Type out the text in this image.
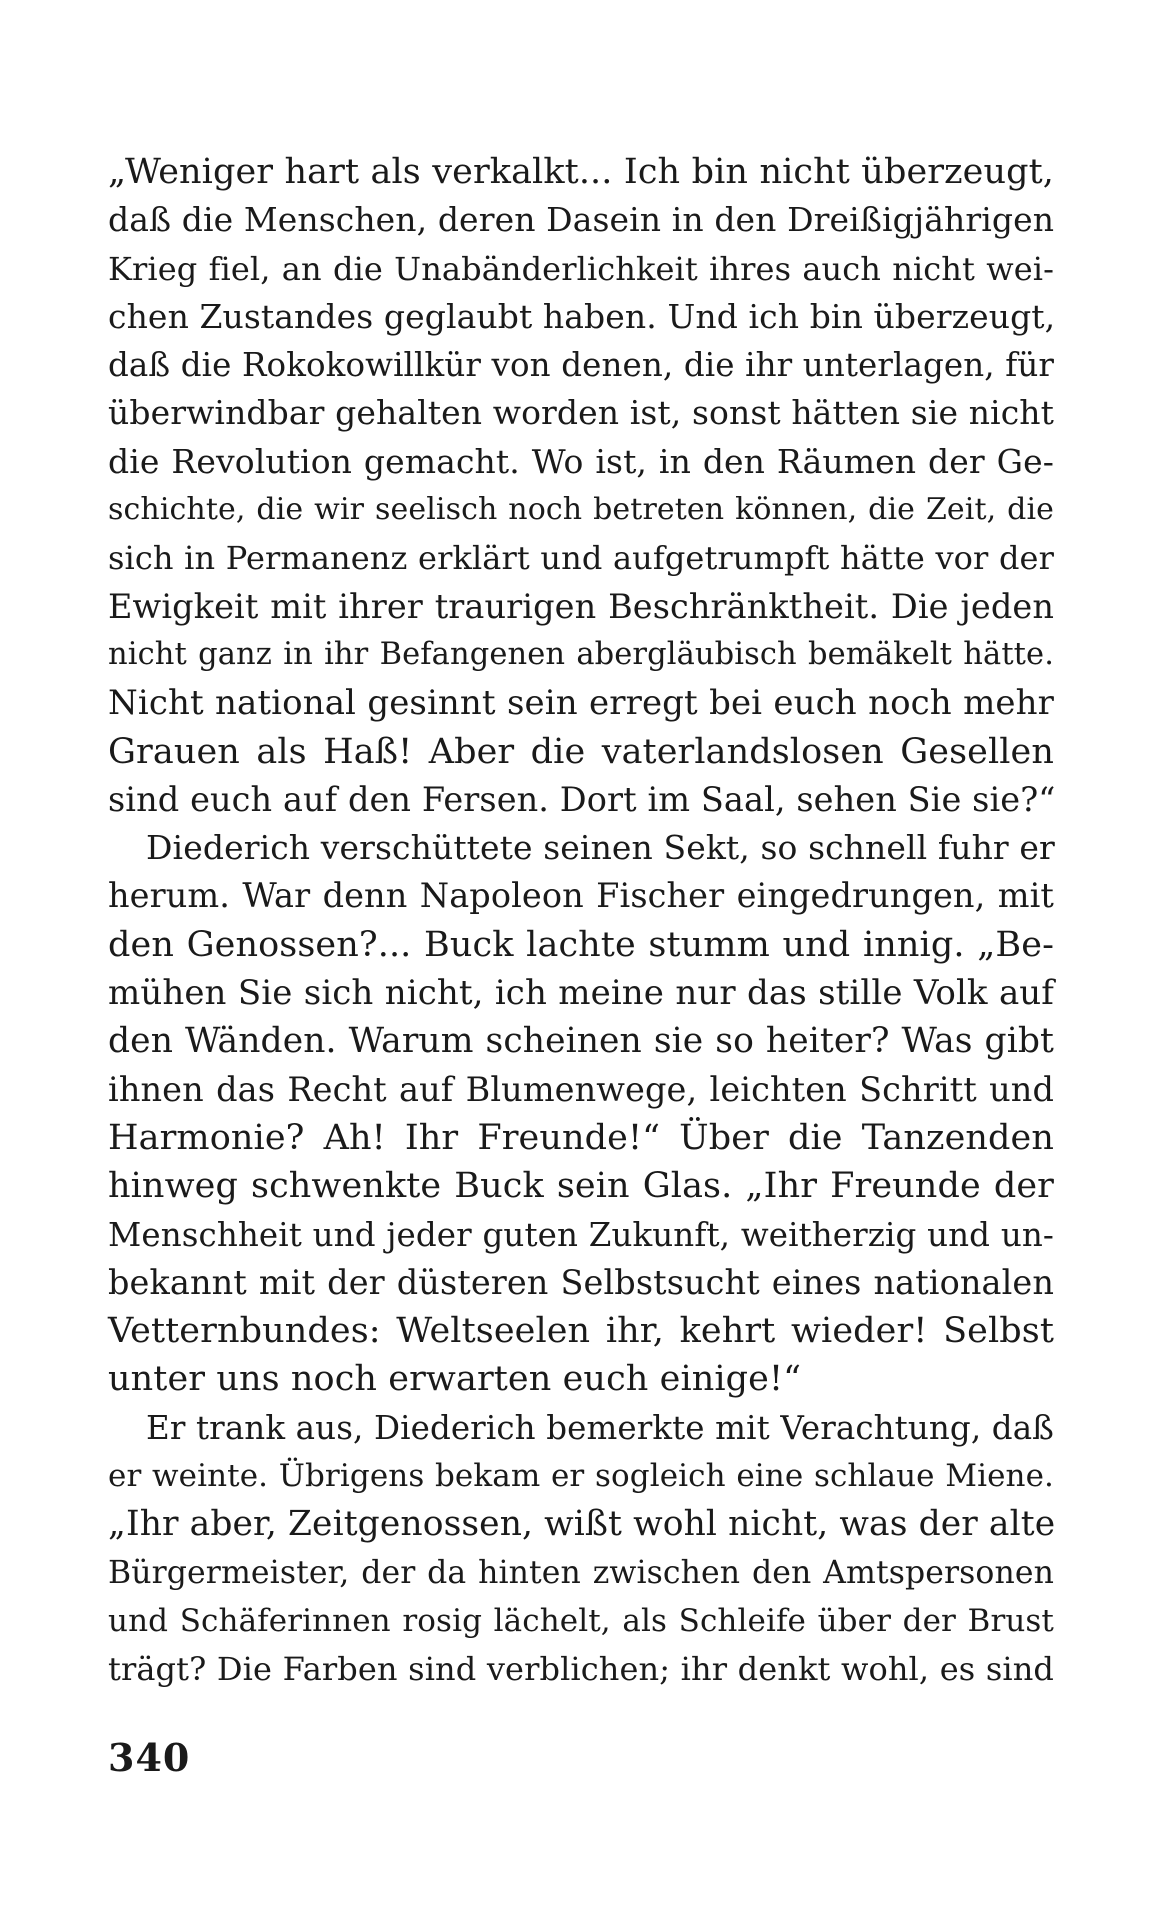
„Weniger hart als verkalkt... Ich bin nicht überzeugt,
daß die Menschen, deren Dasein in den Dreißigjährigen
Krieg fiel, an die Unabänderlichkeit ihres auch nicht wei-
chen Zustandes geglaubt haben. Und ich bin überzeugt,
daß die Rokokowillkür von denen, die ihr unterlagen, für
überwindbar gehalten worden ist, sonst hätten sie nicht
die Revolution gemacht. Wo ist, in den Räumen der Ge-
schichte, die wir seelisch noch betreten können, die Zeit, die
sich in Permanenz erklärt und aufgetrumpft hätte vor der
Ewigkeit mit ihrer traurigen Beschränktheit. Die jeden
nicht ganz in ihr Befangenen abergläubisch bemäkelt hätte.
Nicht national gesinnt sein erregt bei euch noch mehr
Grauen als Haß! Aber die vaterlandslosen Gesellen
sind euch auf den Fersen. Dort im Saal, sehen Sie sie?“
Diederich verschüttete seinen Sekt, so schnell fuhr er
herum. War denn Napoleon Fischer eingedrungen, mit
den Genossen?... Buck lachte stumm und innig. „Be-
mühen Sie sich nicht, ich meine nur das stille Volk auf
den Wänden. Warum scheinen sie so heiter? Was gibt
ihnen das Recht auf Blumenwege, leichten Schritt und
Harmonie? Ah! Ihr Freunde!“ Über die Tanzenden
hinweg schwenkte Buck sein Glas. „Ihr Freunde der
Menschheit und jeder guten Zukunft, weitherzig und un-
bekannt mit der düsteren Selbstsucht eines nationalen
Vetternbundes: Weltseelen ihr, kehrt wieder! Selbst
unter uns noch erwarten euch einige!“
Er trank aus, Diederich bemerkte mit Verachtung, daß
er weinte. Übrigens bekam er sogleich eine schlaue Miene.
„Ihr aber, Zeitgenossen, wißt wohl nicht, was der alte
Bürgermeister, der da hinten zwischen den Amtspersonen
und Schäferinnen rosig lächelt, als Schleife über der Brust
trägt? Die Farben sind verblichen; ihr denkt wohl, es sind
340
